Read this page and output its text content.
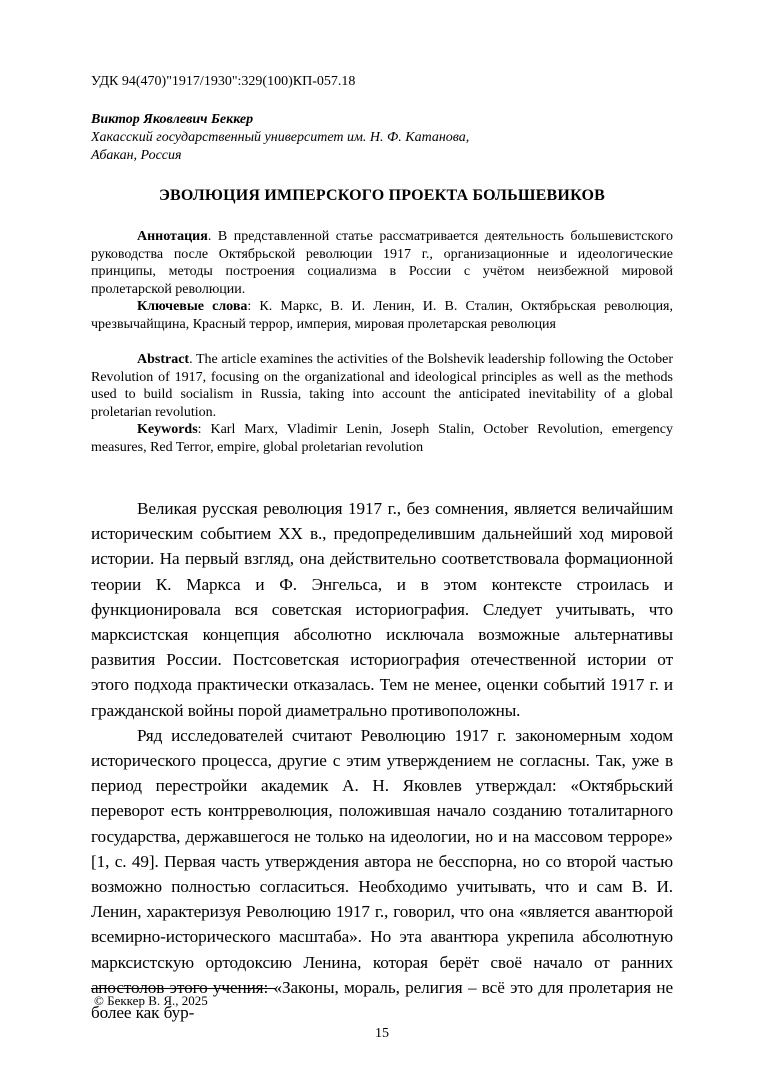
УДК 94(470)"1917/1930":329(100)КП-057.18
Виктор Яковлевич Беккер
Хакасский государственный университет им. Н. Ф. Катанова,
Абакан, Россия
ЭВОЛЮЦИЯ ИМПЕРСКОГО ПРОЕКТА БОЛЬШЕВИКОВ

Аннотация. В представленной статье рассматривается деятельность большевистского руководства после Октябрьской революции 1917 г., организационные и идеологические принципы, методы построения социализма в России с учётом неизбежной мировой пролетарской революции.

Ключевые слова: К. Маркс, В. И. Ленин, И. В. Сталин, Октябрьская революция, чрезвычайщина, Красный террор, империя, мировая пролетарская революция

Abstract. The article examines the activities of the Bolshevik leadership following the October Revolution of 1917, focusing on the organizational and ideological principles as well as the methods used to build socialism in Russia, taking into account the anticipated inevitability of a global proletarian revolution.

Keywords: Karl Marx, Vladimir Lenin, Joseph Stalin, October Revolution, emergency measures, Red Terror, empire, global proletarian revolution

Великая русская революция 1917 г., без сомнения, является величайшим историческим событием XX в., предопределившим дальнейший ход мировой истории. На первый взгляд, она действительно соответствовала формационной теории К. Маркса и Ф. Энгельса, и в этом контексте строилась и функционировала вся советская историография. Следует учитывать, что марксистская концепция абсолютно исключала возможные альтернативы развития России. Постсоветская историография отечественной истории от этого подхода практически отказалась. Тем не менее, оценки событий 1917 г. и гражданской войны порой диаметрально противоположны.

Ряд исследователей считают Революцию 1917 г. закономерным ходом исторического процесса, другие с этим утверждением не согласны. Так, уже в период перестройки академик А. Н. Яковлев утверждал: «Октябрьский переворот есть контрреволюция, положившая начало созданию тоталитарного государства, державшегося не только на идеологии, но и на массовом терроре» [1, с. 49]. Первая часть утверждения автора не бесспорна, но со второй частью возможно полностью согласиться. Необходимо учитывать, что и сам В. И. Ленин, характеризуя Революцию 1917 г., говорил, что она «является авантюрой всемирно-исторического масштаба». Но эта авантюра укрепила абсолютную марксистскую ортодоксию Ленина, которая берёт своё начало от ранних апостолов этого учения: «Законы, мораль, религия – всё это для пролетария не более как бур-

© Беккер В. Я., 2025
15
